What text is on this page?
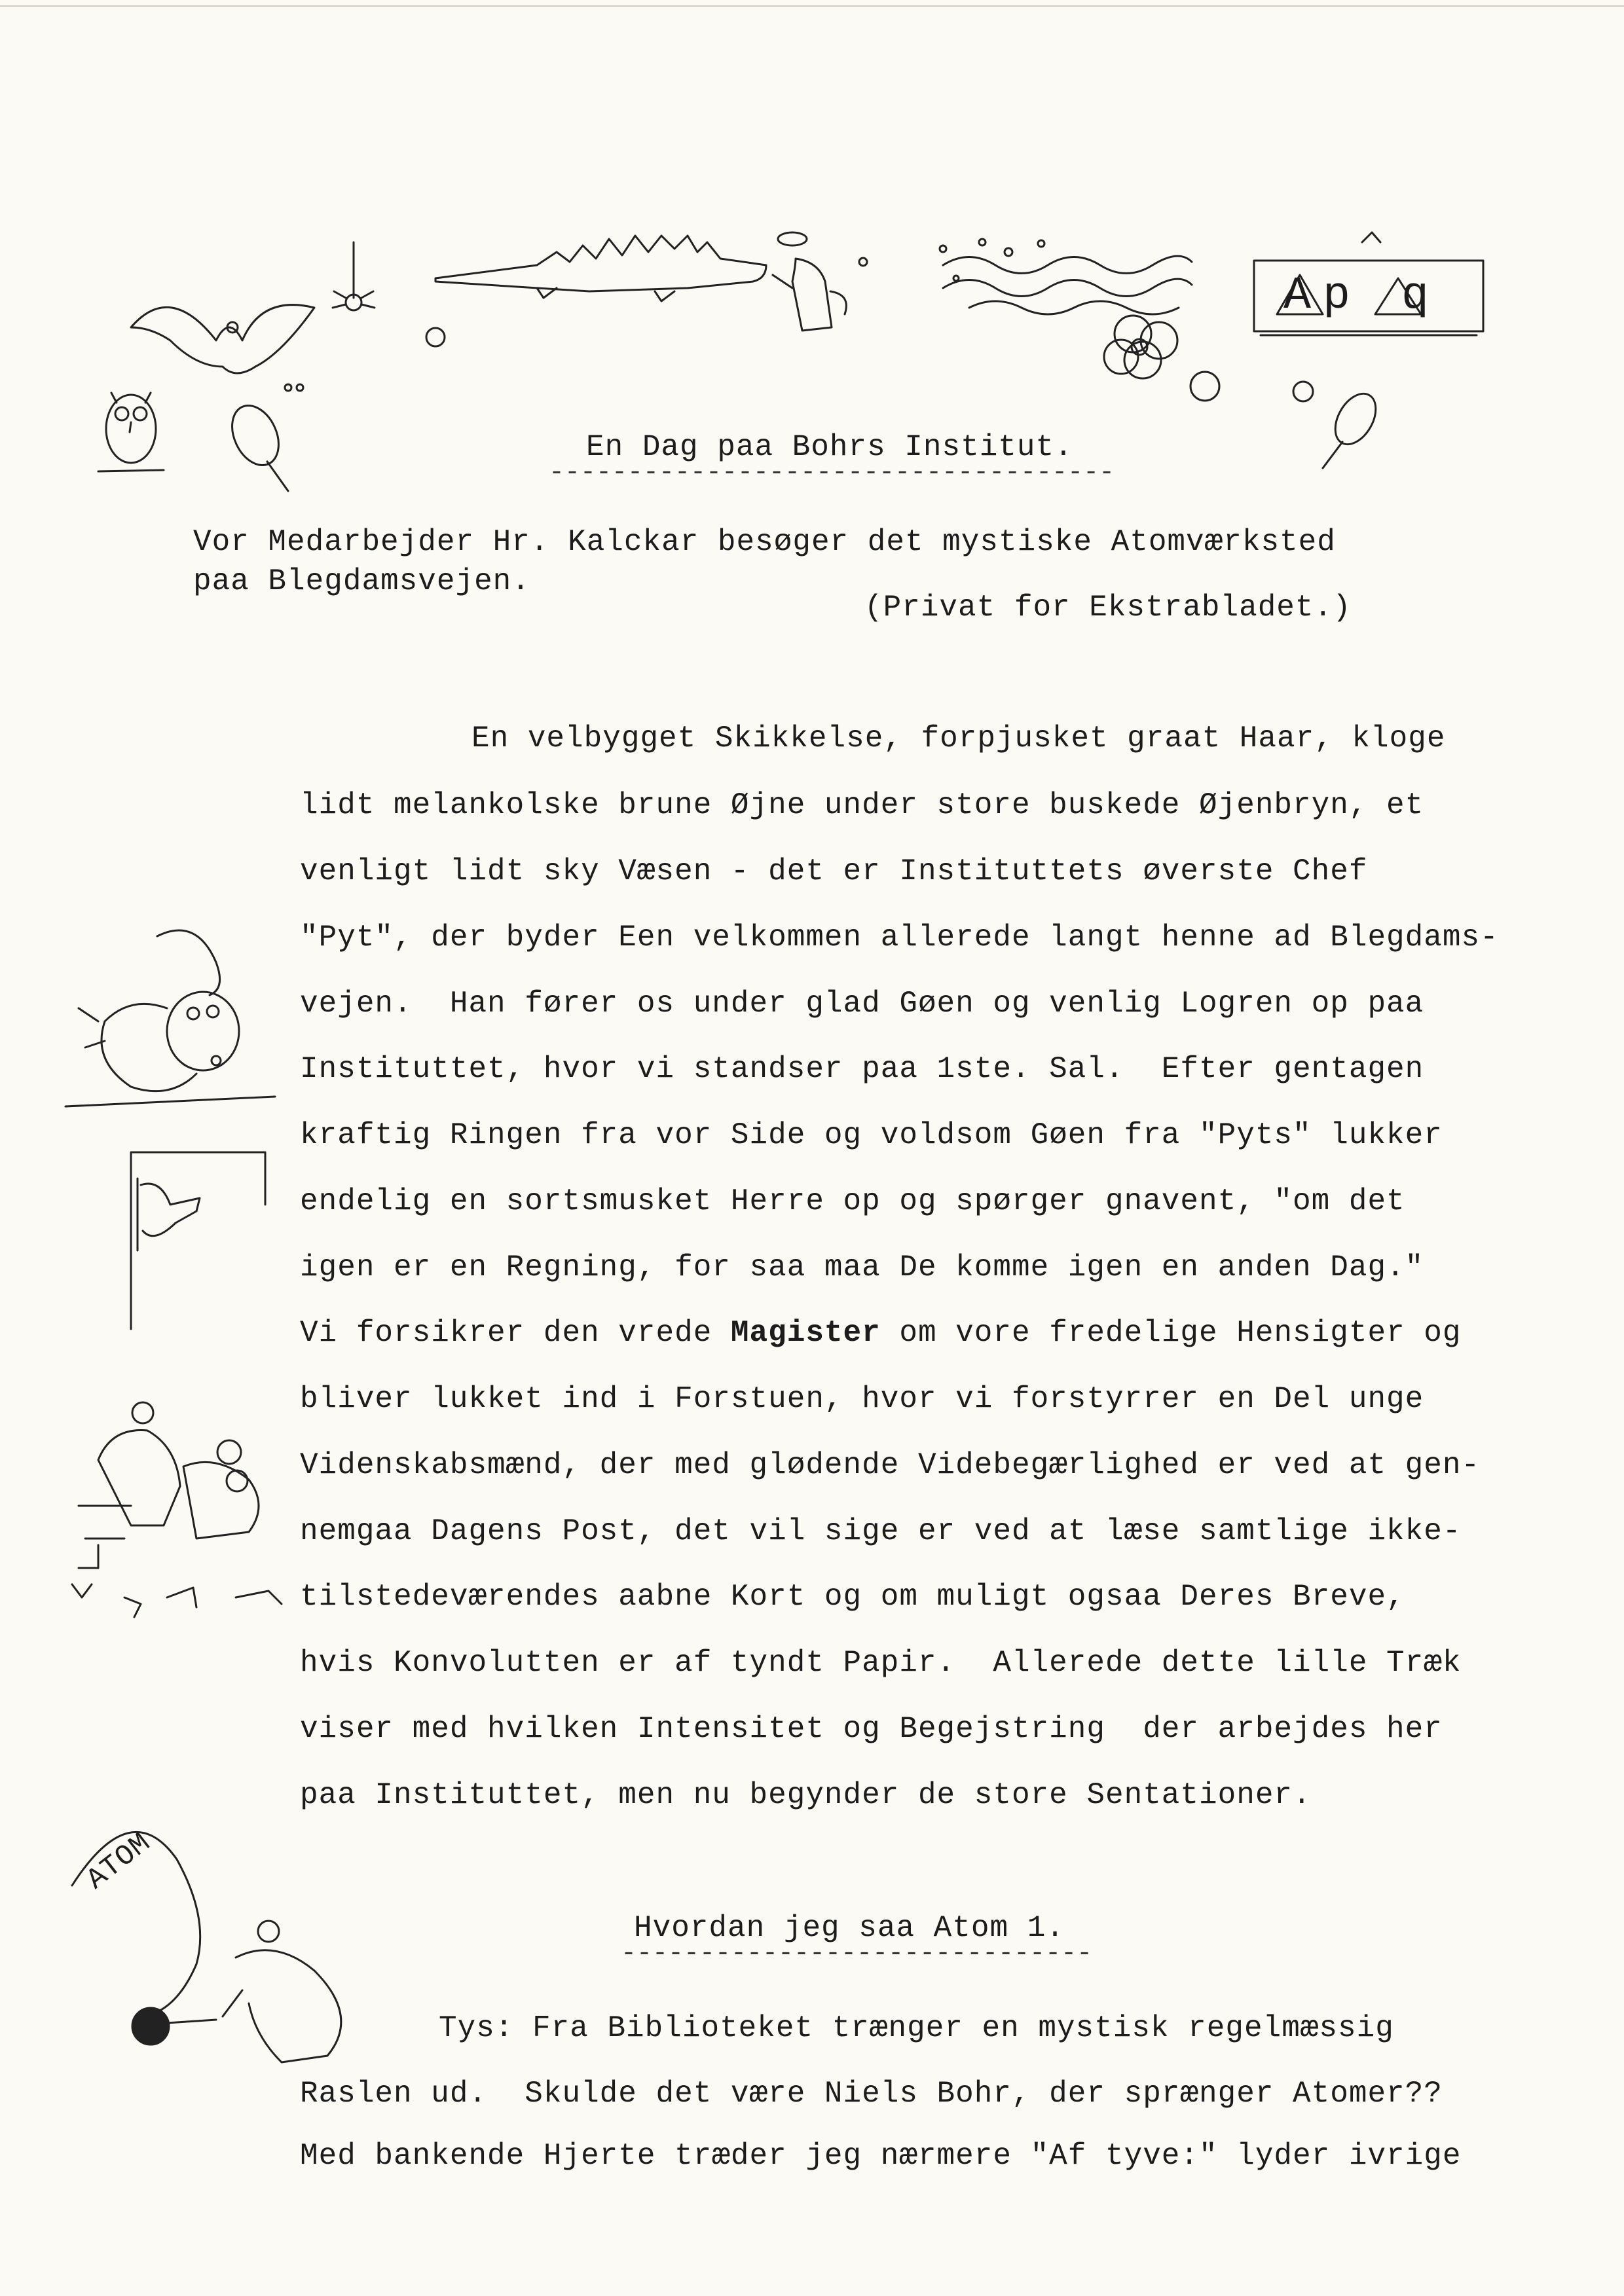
Ap q
En Dag paa Bohrs Institut.
------------------------------------
Vor Medarbejder Hr. Kalckar besøger det mystiske Atomværksted
paa Blegdamsvejen.
(Privat for Ekstrabladet.)
En velbygget Skikkelse, forpjusket graat Haar, kloge
lidt melankolske brune Øjne under store buskede Øjenbryn, et
venligt lidt sky Væsen - det er Instituttets øverste Chef
"Pyt", der byder Een velkommen allerede langt henne ad Blegdams-
vejen.  Han fører os under glad Gøen og venlig Logren op paa
Instituttet, hvor vi standser paa 1ste. Sal.  Efter gentagen
kraftig Ringen fra vor Side og voldsom Gøen fra "Pyts" lukker
endelig en sortsmusket Herre op og spørger gnavent, "om det
igen er en Regning, for saa maa De komme igen en anden Dag."
Vi forsikrer den vrede Magister om vore fredelige Hensigter og
bliver lukket ind i Forstuen, hvor vi forstyrrer en Del unge
Videnskabsmænd, der med glødende Videbegærlighed er ved at gen-
nemgaa Dagens Post, det vil sige er ved at læse samtlige ikke-
tilstedeværendes aabne Kort og om muligt ogsaa Deres Breve,
hvis Konvolutten er af tyndt Papir.  Allerede dette lille Træk
viser med hvilken Intensitet og Begejstring  der arbejdes her
paa Instituttet, men nu begynder de store Sentationer.
ATOM
Hvordan jeg saa Atom 1.
------------------------------
Tys: Fra Biblioteket trænger en mystisk regelmæssig
Raslen ud.  Skulde det være Niels Bohr, der sprænger Atomer??
Med bankende Hjerte træder jeg nærmere "Af tyve:" lyder ivrige
